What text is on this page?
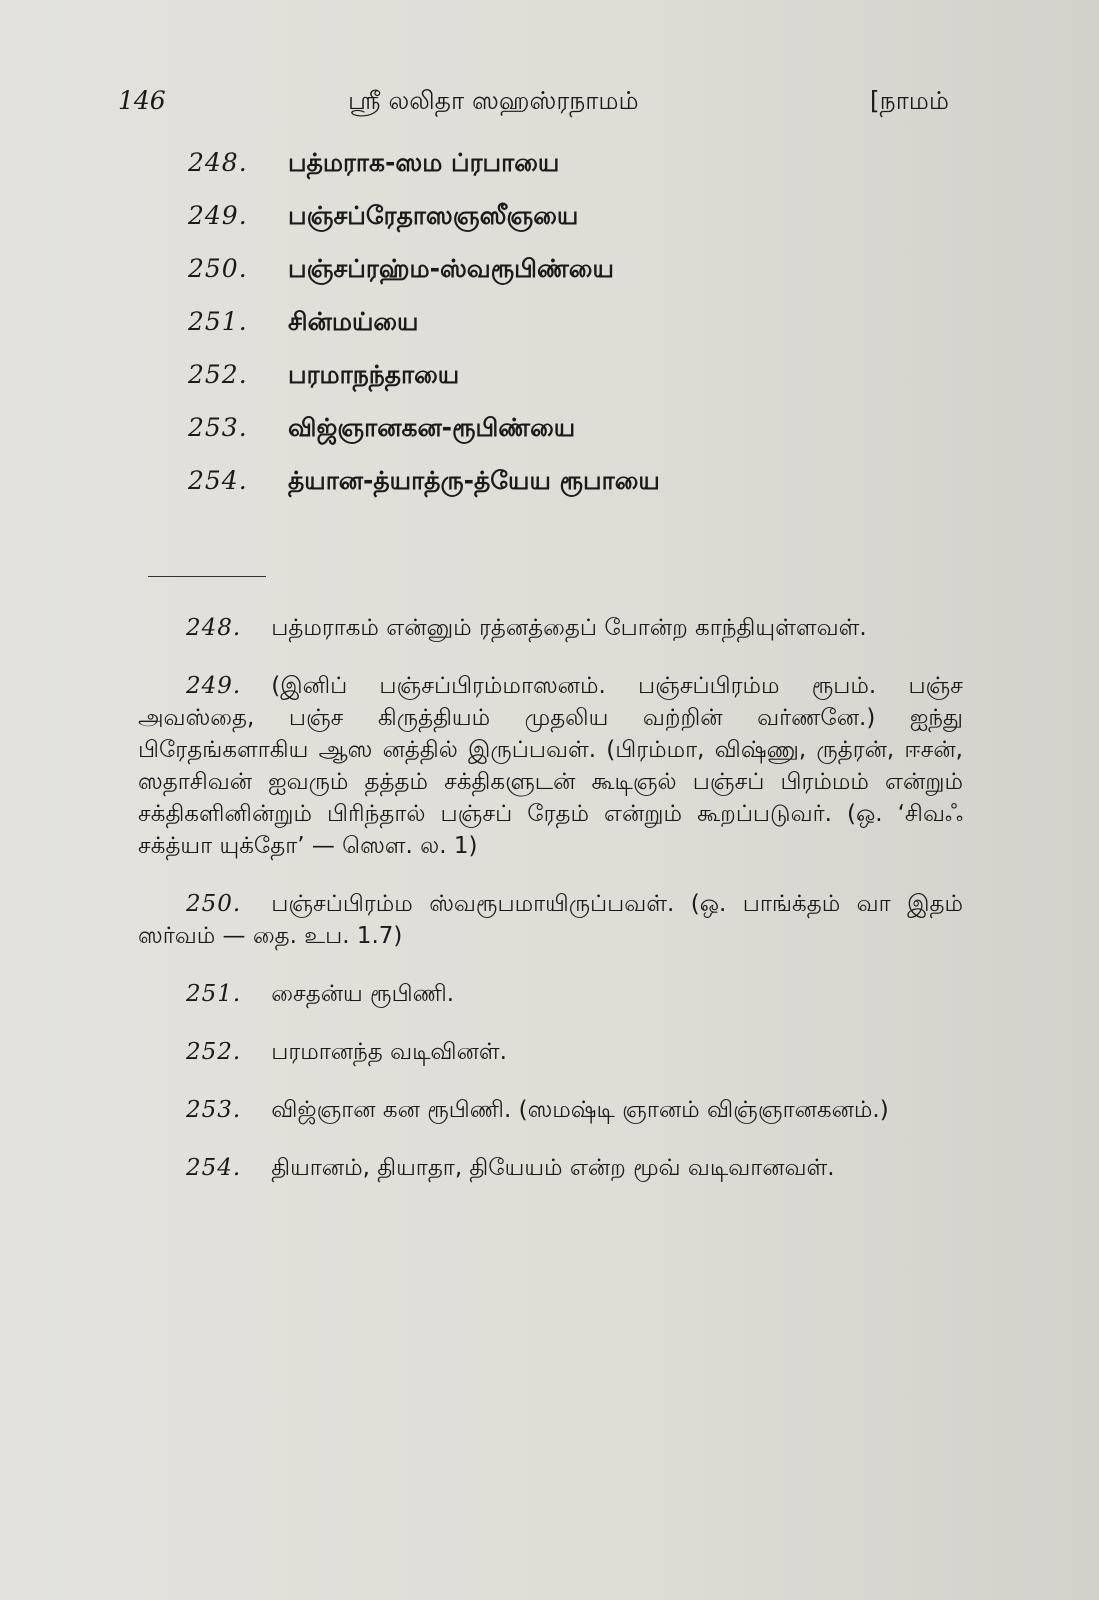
146	ஸ்ரீ லலிதா ஸஹஸ்ரநாமம்	[நாமம்
248.	பத்மராக-ஸம ப்ரபாயை
249.	பஞ்சப்ரேதாஸஞஸீஞயை
250.	பஞ்சப்ரஹ்ம-ஸ்வரூபிண்யை
251.	சின்மய்யை
252.	பரமாநந்தாயை
253.	விஜ்ஞானகன-ரூபிண்யை
254.	த்யான-த்யாத்ரு-த்யேய ரூபாயை

248. பத்மராகம் என்னும் ரத்னத்தைப் போன்ற காந்தியுள்ளவள்.

249. (இனிப் பஞ்சப்பிரம்மாஸனம். பஞ்சப்பிரம்ம ரூபம். பஞ்ச அவஸ்தை, பஞ்ச கிருத்தியம் முதலிய வற்றின் வர்ணனே.) ஐந்து பிரேதங்களாகிய ஆஸ னத்தில் இருப்பவள். (பிரம்மா, விஷ்ணு, ருத்ரன், ஈசன், ஸதாசிவன் ஐவரும் தத்தம் சக்திகளுடன் கூடிஞல் பஞ்சப் பிரம்மம் என்றும் சக்திகளினின்றும் பிரிந்தால் பஞ்சப் ரேதம் என்றும் கூறப்படுவர். (ஒ. ‘சிவஃ சக்த்யா யுக்தோ’ — ஸௌ. ல. 1)

250. பஞ்சப்பிரம்ம ஸ்வரூபமாயிருப்பவள். (ஒ. பாங்க்தம் வா இதம் ஸர்வம் — தை. உப. 1.7)

251. சைதன்ய ரூபிணி.

252. பரமானந்த வடிவினள்.

253. விஜ்ஞான கன ரூபிணி. (ஸமஷ்டி ஞானம் விஞ்ஞானகனம்.)

254. தியானம், தியாதா, தியேயம் என்ற மூவ் வடிவானவள்.
